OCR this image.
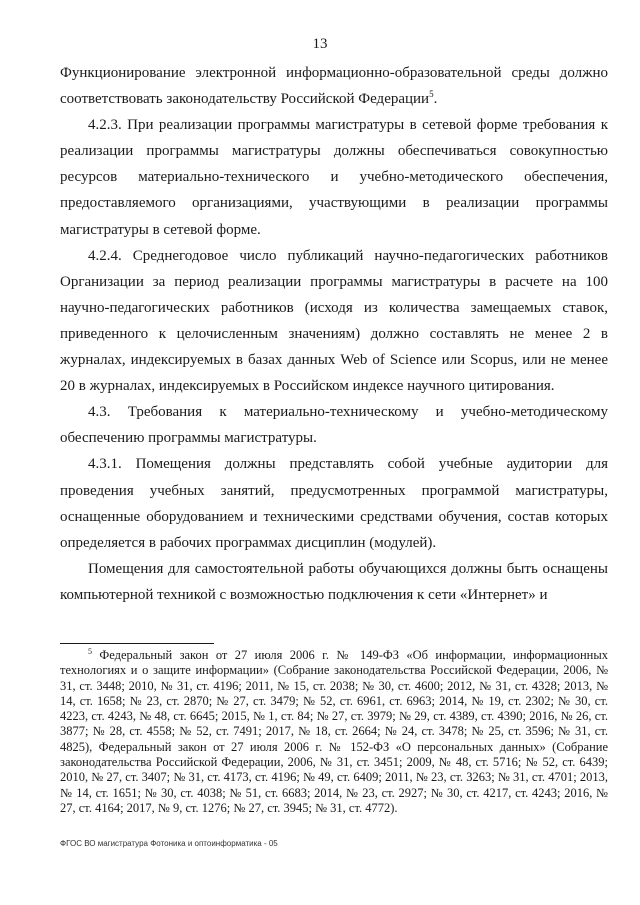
13

Функционирование электронной информационно-образовательной среды должно соответствовать законодательству Российской Федерации$^5$.

4.2.3. При реализации программы магистратуры в сетевой форме требования к реализации программы магистратуры должны обеспечиваться совокупностью ресурсов материально-технического и учебно-методического обеспечения, предоставляемого организациями, участвующими в реализации программы магистратуры в сетевой форме.

4.2.4. Среднегодовое число публикаций научно-педагогических работников Организации за период реализации программы магистратуры в расчете на 100 научно-педагогических работников (исходя из количества замещаемых ставок, приведенного к целочисленным значениям) должно составлять не менее 2 в журналах, индексируемых в базах данных Web of Science или Scopus, или не менее 20 в журналах, индексируемых в Российском индексе научного цитирования.

4.3. Требования к материально-техническому и учебно-методическому обеспечению программы магистратуры.

4.3.1. Помещения должны представлять собой учебные аудитории для проведения учебных занятий, предусмотренных программой магистратуры, оснащенные оборудованием и техническими средствами обучения, состав которых определяется в рабочих программах дисциплин (модулей).

Помещения для самостоятельной работы обучающихся должны быть оснащены компьютерной техникой с возможностью подключения к сети «Интернет» и

$^5$ Федеральный закон от 27 июля 2006 г. № 149-ФЗ «Об информации, информационных технологиях и о защите информации» (Собрание законодательства Российской Федерации, 2006, № 31, ст. 3448; 2010, № 31, ст. 4196; 2011, № 15, ст. 2038; № 30, ст. 4600; 2012, № 31, ст. 4328; 2013, № 14, ст. 1658; № 23, ст. 2870; № 27, ст. 3479; № 52, ст. 6961, ст. 6963; 2014, № 19, ст. 2302; № 30, ст. 4223, ст. 4243, № 48, ст. 6645; 2015, № 1, ст. 84; № 27, ст. 3979; № 29, ст. 4389, ст. 4390; 2016, № 26, ст. 3877; № 28, ст. 4558; № 52, ст. 7491; 2017, № 18, ст. 2664; № 24, ст. 3478; № 25, ст. 3596; № 31, ст. 4825), Федеральный закон от 27 июля 2006 г. № 152-ФЗ «О персональных данных» (Собрание законодательства Российской Федерации, 2006, № 31, ст. 3451; 2009, № 48, ст. 5716; № 52, ст. 6439; 2010, № 27, ст. 3407; № 31, ст. 4173, ст. 4196; № 49, ст. 6409; 2011, № 23, ст. 3263; № 31, ст. 4701; 2013, № 14, ст. 1651; № 30, ст. 4038; № 51, ст. 6683; 2014, № 23, ст. 2927; № 30, ст. 4217, ст. 4243; 2016, № 27, ст. 4164; 2017, № 9, ст. 1276; № 27, ст. 3945; № 31, ст. 4772).

ФГОС ВО магистратура Фотоника и оптоинформатика - 05
